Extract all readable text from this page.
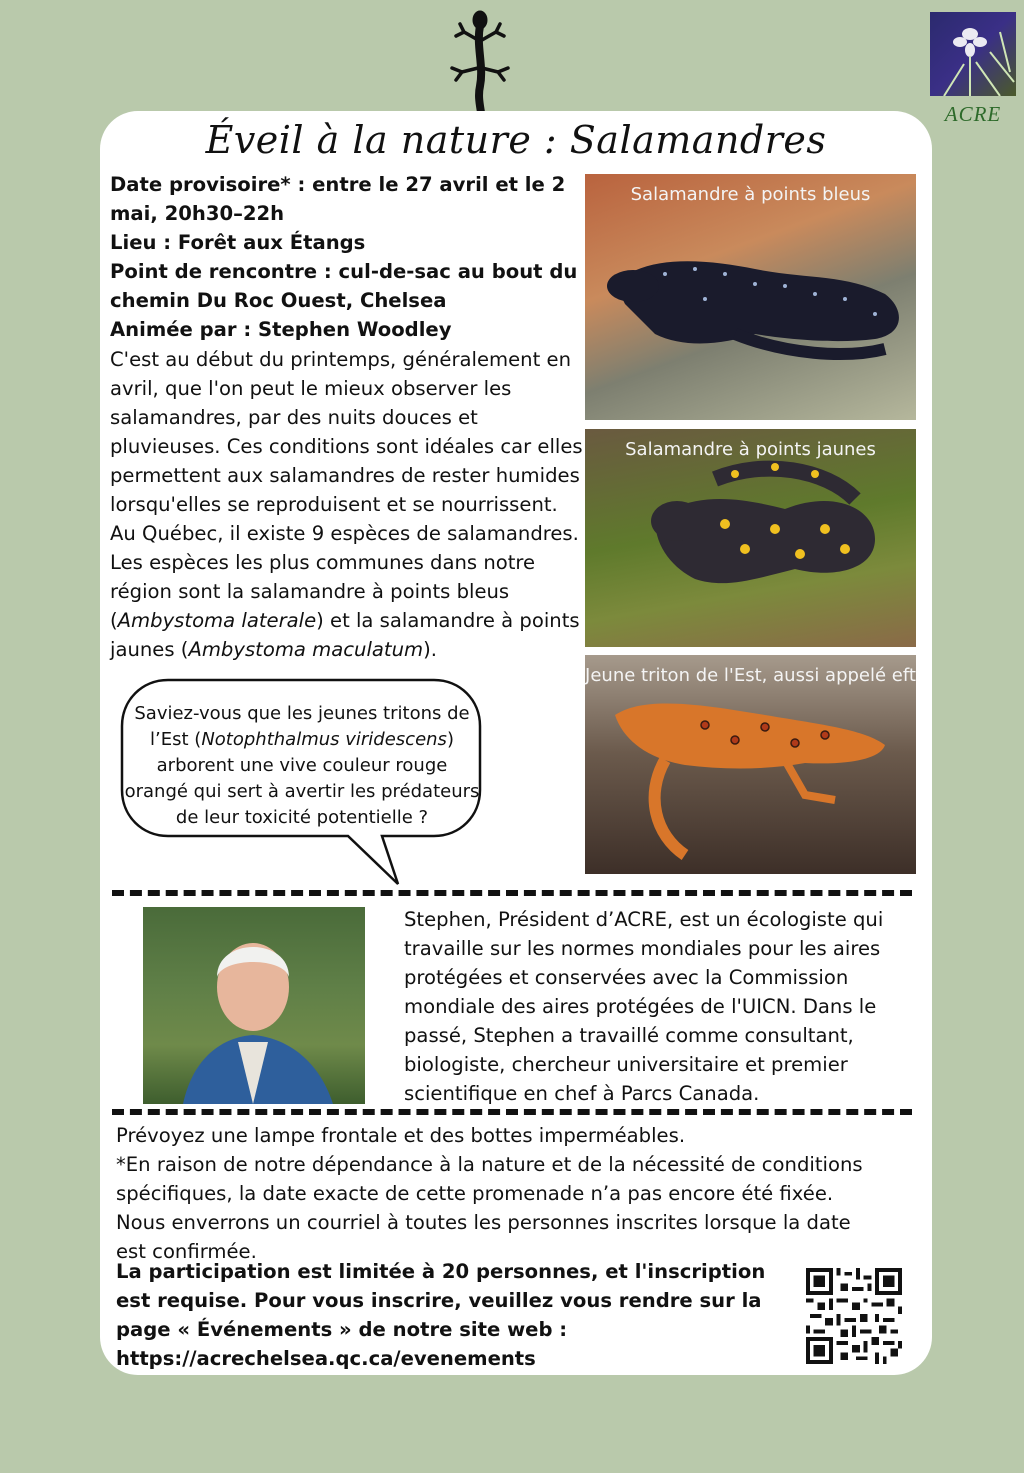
ACRE
Éveil à la nature : Salamandres
Date provisoire* : entre le 27 avril et le 2 mai, 20h30–22h
Lieu : Forêt aux Étangs
Point de rencontre : cul-de-sac au bout du chemin Du Roc Ouest, Chelsea
Animée par : Stephen Woodley

C'est au début du printemps, généralement en avril, que l'on peut le mieux observer les salamandres, par des nuits douces et pluvieuses. Ces conditions sont idéales car elles permettent aux salamandres de rester humides lorsqu'elles se reproduisent et se nourrissent.

Au Québec, il existe 9 espèces de salamandres. Les espèces les plus communes dans notre région sont la salamandre à points bleus (Ambystoma laterale) et la salamandre à points jaunes (Ambystoma maculatum).

Salamandre à points bleus
Salamandre à points jaunes
Jeune triton de l'Est, aussi appelé eft
Saviez-vous que les jeunes tritons de l’Est (Notophthalmus viridescens) arborent une vive couleur rouge orangé qui sert à avertir les prédateurs de leur toxicité potentielle ?
Stephen, Président d’ACRE, est un écologiste qui travaille sur les normes mondiales pour les aires protégées et conservées avec la Commission mondiale des aires protégées de l'UICN. Dans le passé, Stephen a travaillé comme consultant, biologiste, chercheur universitaire et premier scientifique en chef à Parcs Canada.

Prévoyez une lampe frontale et des bottes imperméables.

*En raison de notre dépendance à la nature et de la nécessité de conditions spécifiques, la date exacte de cette promenade n’a pas encore été fixée. Nous enverrons un courriel à toutes les personnes inscrites lorsque la date est confirmée.

La participation est limitée à 20 personnes, et l'inscription est requise. Pour vous inscrire, veuillez vous rendre sur la page « Événements » de notre site web :

https://acrechelsea.qc.ca/evenements
